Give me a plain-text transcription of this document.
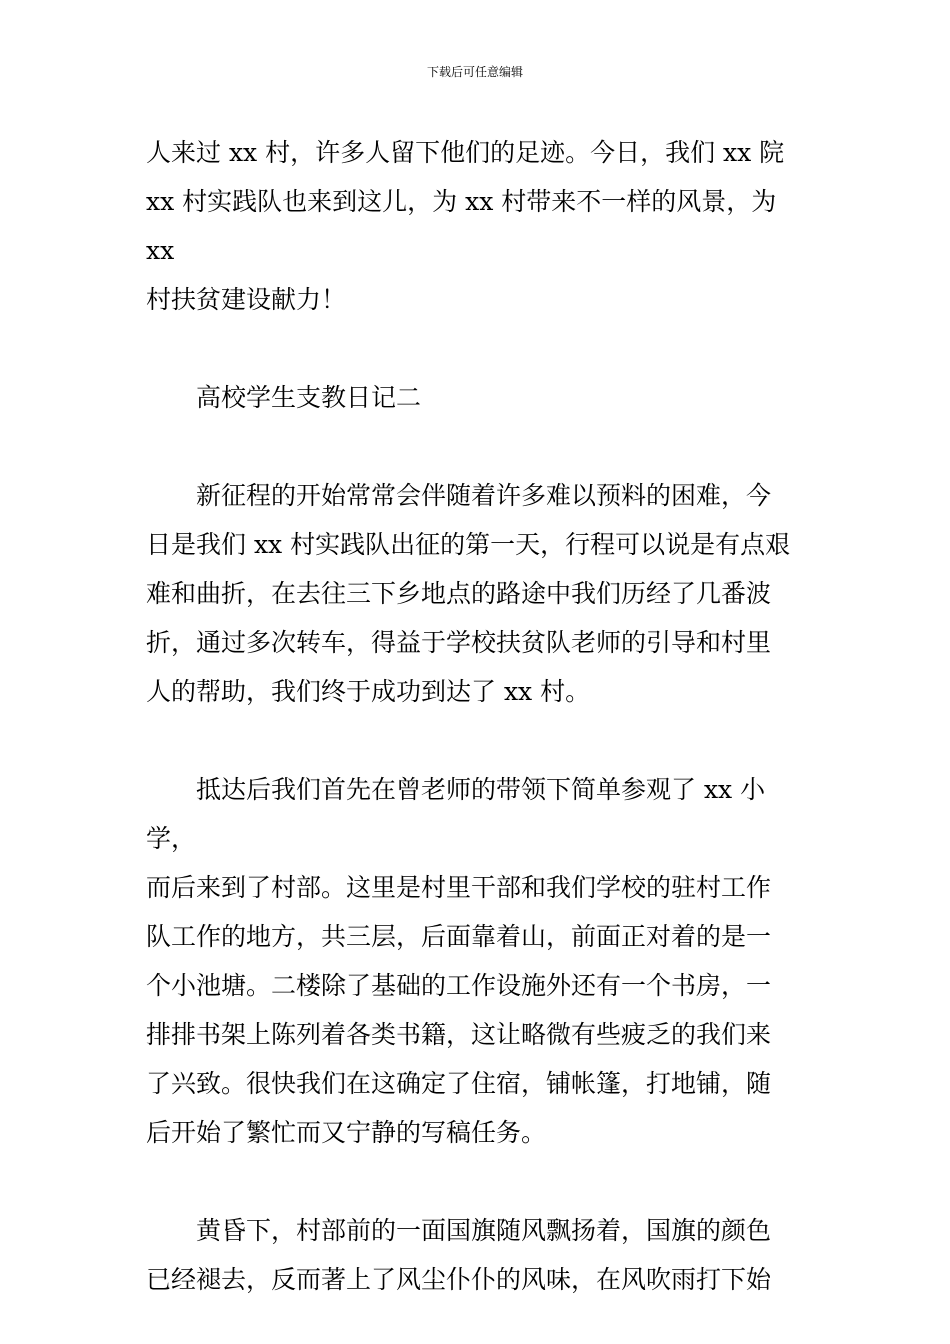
下载后可任意编辑

人来过 xx 村，许多人留下他们的足迹。今日，我们 xx 院

xx 村实践队也来到这儿，为 xx 村带来不一样的风景，为 xx

村扶贫建设献力！

高校学生支教日记二

新征程的开始常常会伴随着许多难以预料的困难，今

日是我们 xx 村实践队出征的第一天，行程可以说是有点艰

难和曲折，在去往三下乡地点的路途中我们历经了几番波

折，通过多次转车，得益于学校扶贫队老师的引导和村里

人的帮助，我们终于成功到达了 xx 村。

抵达后我们首先在曾老师的带领下简单参观了 xx 小学，

而后来到了村部。这里是村里干部和我们学校的驻村工作

队工作的地方，共三层，后面靠着山，前面正对着的是一

个小池塘。二楼除了基础的工作设施外还有一个书房，一

排排书架上陈列着各类书籍，这让略微有些疲乏的我们来

了兴致。很快我们在这确定了住宿，铺帐篷，打地铺，随

后开始了繁忙而又宁静的写稿任务。

黄昏下，村部前的一面国旗随风飘扬着，国旗的颜色

已经褪去，反而著上了风尘仆仆的风味，在风吹雨打下始
